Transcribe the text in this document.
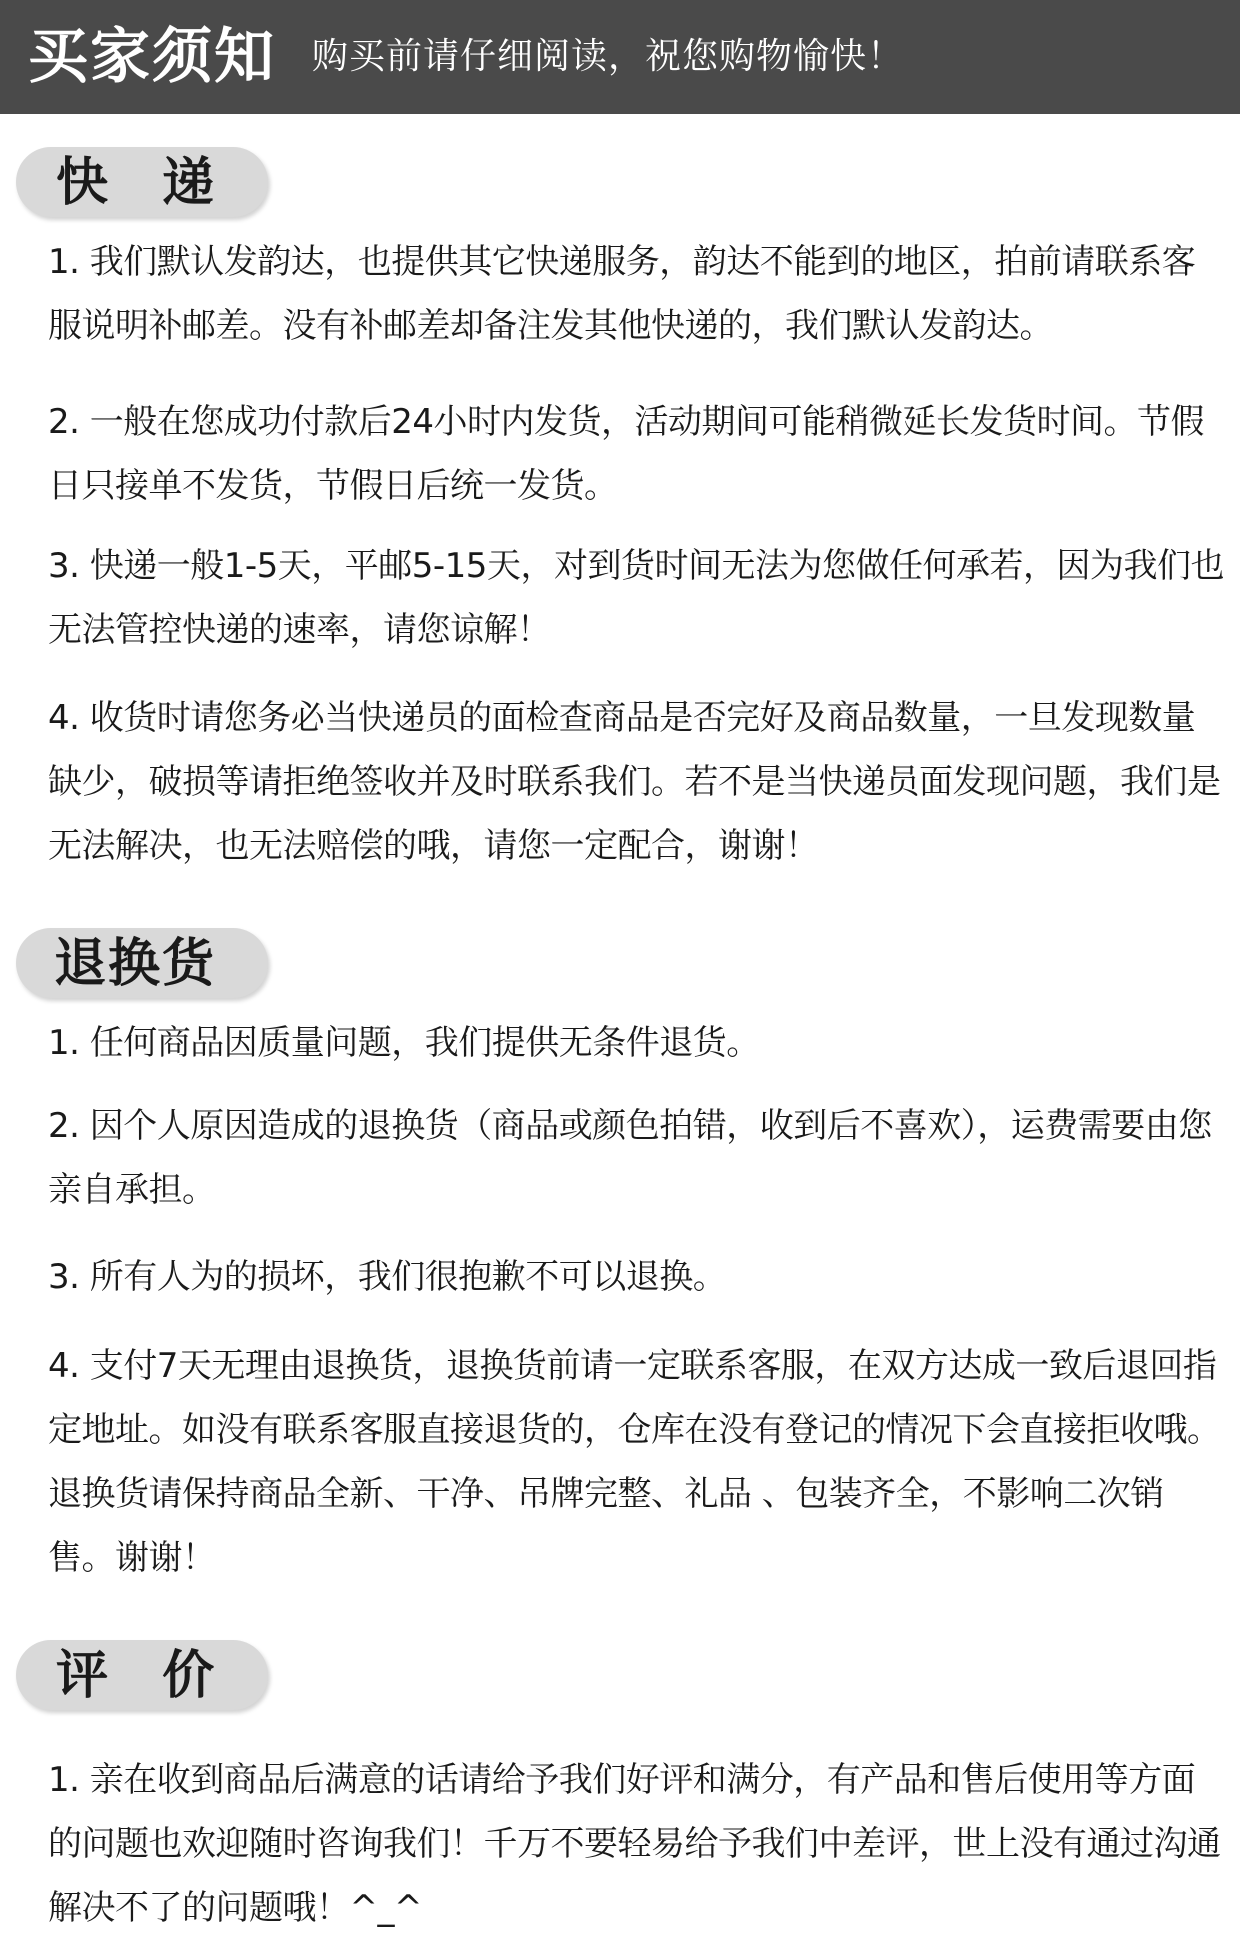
买家须知 购买前请仔细阅读，祝您购物愉快！
快 递

1. 我们默认发韵达，也提供其它快递服务，韵达不能到的地区，拍前请联系客服说明补邮差。没有补邮差却备注发其他快递的，我们默认发韵达。

2. 一般在您成功付款后24小时内发货，活动期间可能稍微延长发货时间。节假日只接单不发货，节假日后统一发货。

3. 快递一般1-5天，平邮5-15天，对到货时间无法为您做任何承若，因为我们也无法管控快递的速率，请您谅解！

4. 收货时请您务必当快递员的面检查商品是否完好及商品数量，一旦发现数量缺少，破损等请拒绝签收并及时联系我们。若不是当快递员面发现问题，我们是无法解决，也无法赔偿的哦，请您一定配合，谢谢！

退换货

1. 任何商品因质量问题，我们提供无条件退货。

2. 因个人原因造成的退换货（商品或颜色拍错，收到后不喜欢），运费需要由您亲自承担。

3. 所有人为的损坏，我们很抱歉不可以退换。

4. 支付7天无理由退换货，退换货前请一定联系客服，在双方达成一致后退回指定地址。如没有联系客服直接退货的，仓库在没有登记的情况下会直接拒收哦。退换货请保持商品全新、干净、吊牌完整、礼品 、包装齐全，不影响二次销售。谢谢！

评 价

1. 亲在收到商品后满意的话请给予我们好评和满分，有产品和售后使用等方面的问题也欢迎随时咨询我们！千万不要轻易给予我们中差评，世上没有通过沟通解决不了的问题哦！^_^
